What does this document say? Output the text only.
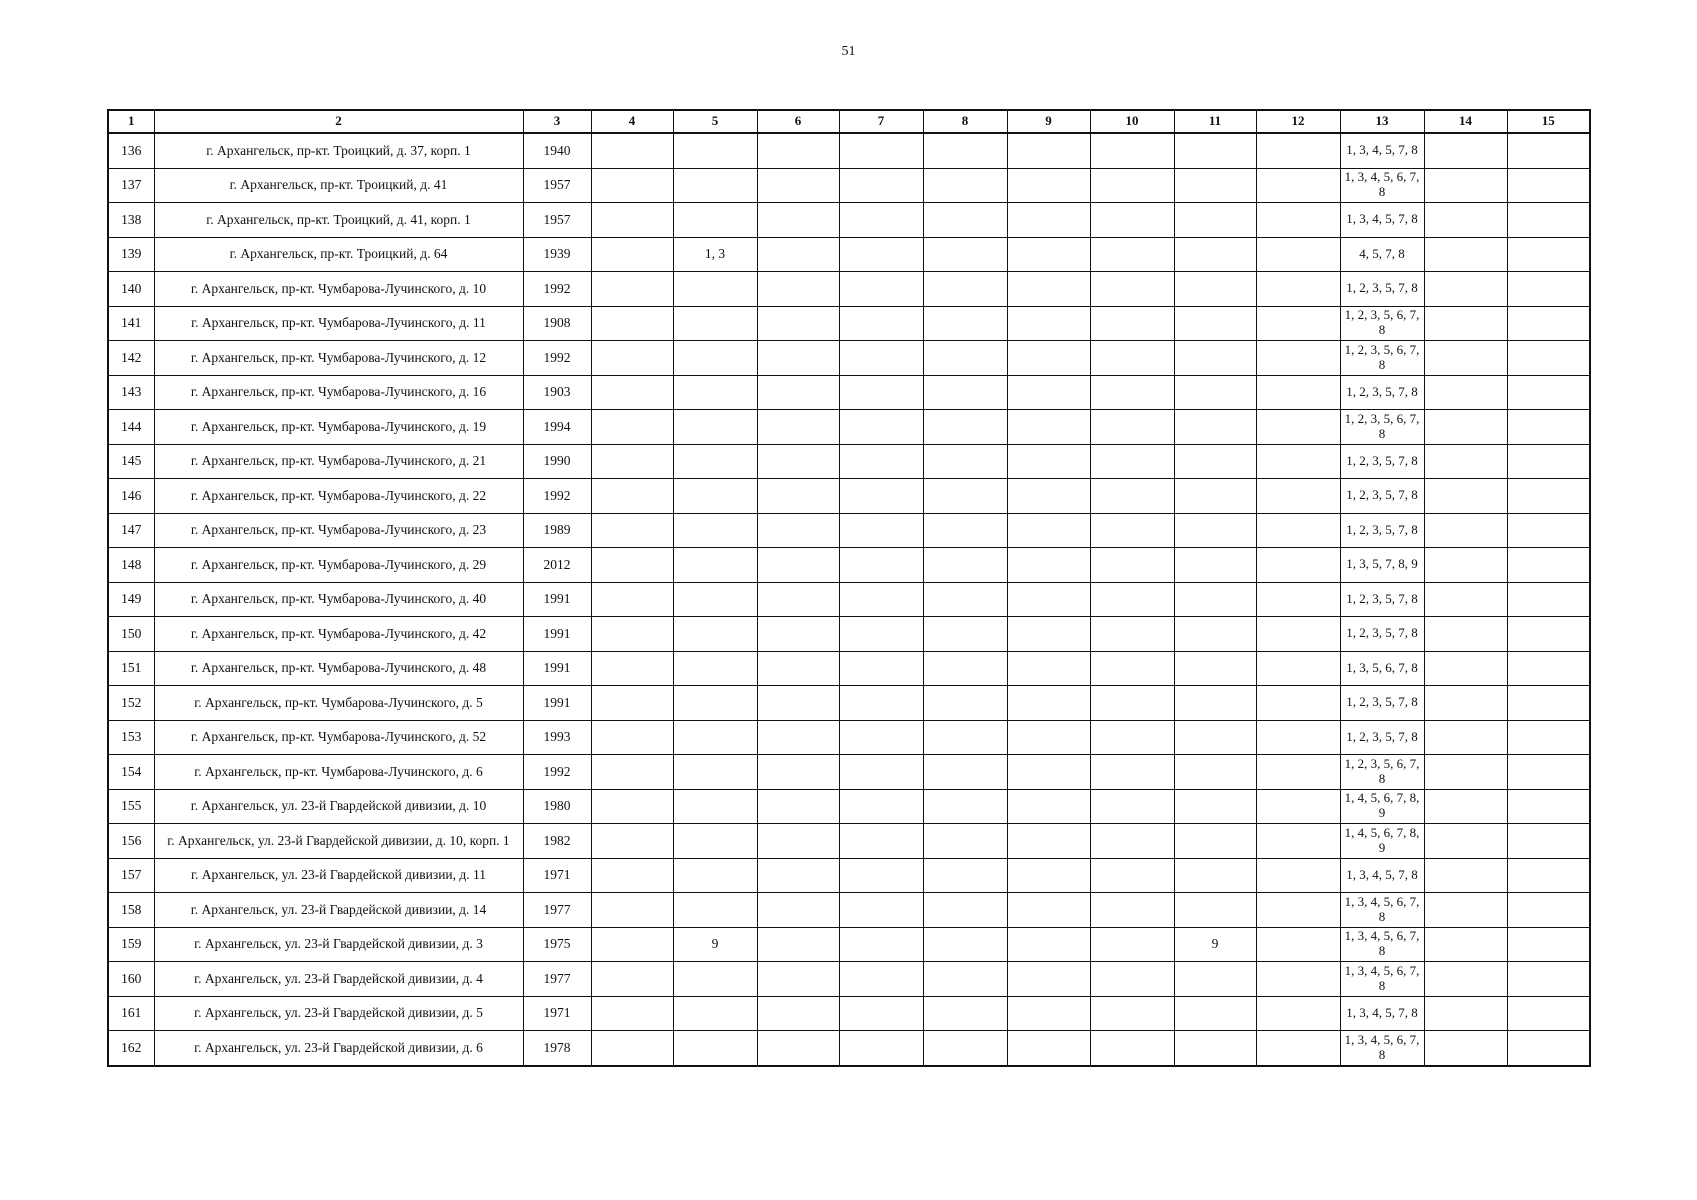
51
1	2	3	4	5	6	7	8	9	10	11	12	13	14	15
136	г. Архангельск, пр-кт. Троицкий, д. 37, корп. 1	1940										1, 3, 4, 5, 7, 8		
137	г. Архангельск, пр-кт. Троицкий, д. 41	1957										1, 3, 4, 5, 6, 7, 8		
138	г. Архангельск, пр-кт. Троицкий, д. 41, корп. 1	1957										1, 3, 4, 5, 7, 8		
139	г. Архангельск, пр-кт. Троицкий, д. 64	1939		1, 3								4, 5, 7, 8		
140	г. Архангельск, пр-кт. Чумбарова-Лучинского, д. 10	1992										1, 2, 3, 5, 7, 8		
141	г. Архангельск, пр-кт. Чумбарова-Лучинского, д. 11	1908										1, 2, 3, 5, 6, 7, 8		
142	г. Архангельск, пр-кт. Чумбарова-Лучинского, д. 12	1992										1, 2, 3, 5, 6, 7, 8		
143	г. Архангельск, пр-кт. Чумбарова-Лучинского, д. 16	1903										1, 2, 3, 5, 7, 8		
144	г. Архангельск, пр-кт. Чумбарова-Лучинского, д. 19	1994										1, 2, 3, 5, 6, 7, 8		
145	г. Архангельск, пр-кт. Чумбарова-Лучинского, д. 21	1990										1, 2, 3, 5, 7, 8		
146	г. Архангельск, пр-кт. Чумбарова-Лучинского, д. 22	1992										1, 2, 3, 5, 7, 8		
147	г. Архангельск, пр-кт. Чумбарова-Лучинского, д. 23	1989										1, 2, 3, 5, 7, 8		
148	г. Архангельск, пр-кт. Чумбарова-Лучинского, д. 29	2012										1, 3, 5, 7, 8, 9		
149	г. Архангельск, пр-кт. Чумбарова-Лучинского, д. 40	1991										1, 2, 3, 5, 7, 8		
150	г. Архангельск, пр-кт. Чумбарова-Лучинского, д. 42	1991										1, 2, 3, 5, 7, 8		
151	г. Архангельск, пр-кт. Чумбарова-Лучинского, д. 48	1991										1, 3, 5, 6, 7, 8		
152	г. Архангельск, пр-кт. Чумбарова-Лучинского, д. 5	1991										1, 2, 3, 5, 7, 8		
153	г. Архангельск, пр-кт. Чумбарова-Лучинского, д. 52	1993										1, 2, 3, 5, 7, 8		
154	г. Архангельск, пр-кт. Чумбарова-Лучинского, д. 6	1992										1, 2, 3, 5, 6, 7, 8		
155	г. Архангельск, ул. 23-й Гвардейской дивизии, д. 10	1980										1, 4, 5, 6, 7, 8, 9		
156	г. Архангельск, ул. 23-й Гвардейской дивизии, д. 10, корп. 1	1982										1, 4, 5, 6, 7, 8, 9		
157	г. Архангельск, ул. 23-й Гвардейской дивизии, д. 11	1971										1, 3, 4, 5, 7, 8		
158	г. Архангельск, ул. 23-й Гвардейской дивизии, д. 14	1977										1, 3, 4, 5, 6, 7, 8		
159	г. Архангельск, ул. 23-й Гвардейской дивизии, д. 3	1975		9						9		1, 3, 4, 5, 6, 7, 8		
160	г. Архангельск, ул. 23-й Гвардейской дивизии, д. 4	1977										1, 3, 4, 5, 6, 7, 8		
161	г. Архангельск, ул. 23-й Гвардейской дивизии, д. 5	1971										1, 3, 4, 5, 7, 8		
162	г. Архангельск, ул. 23-й Гвардейской дивизии, д. 6	1978										1, 3, 4, 5, 6, 7, 8		
